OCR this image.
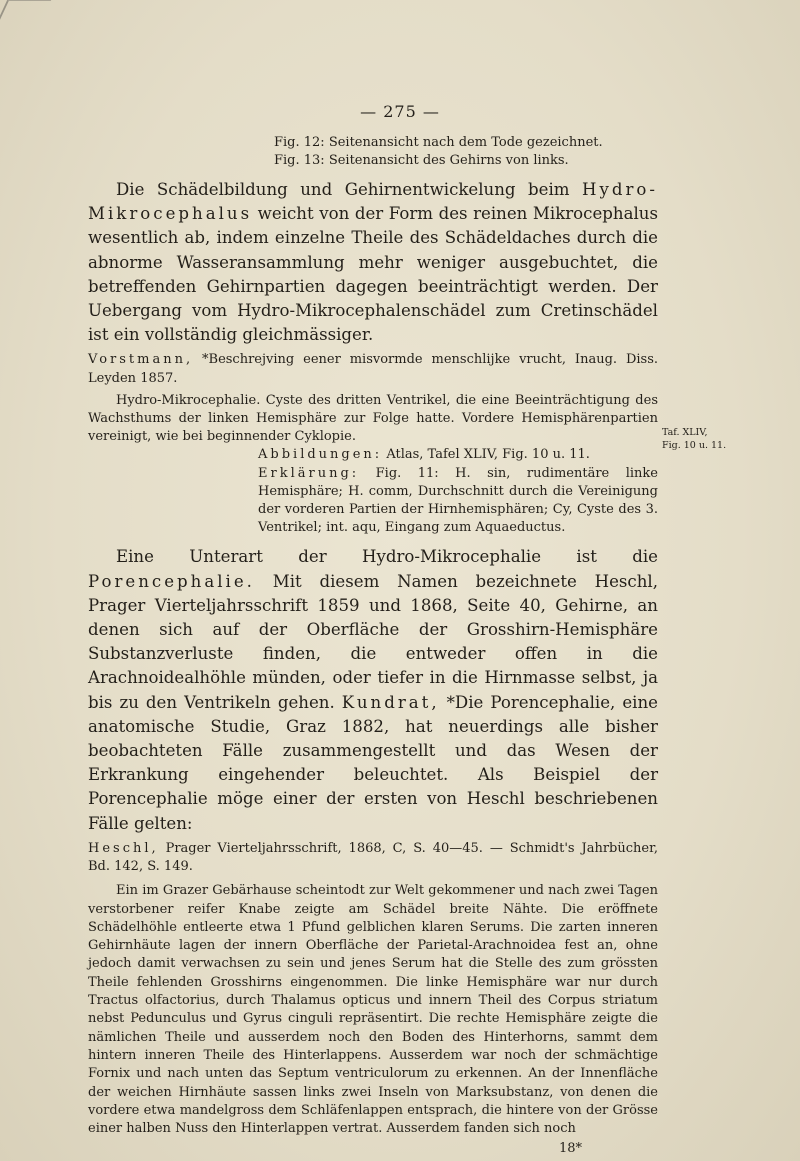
— 275 —

Fig. 12: Seitenansicht nach dem Tode gezeichnet.

Fig. 13: Seitenansicht des Gehirns von links.

Die Schädelbildung und Gehirnentwickelung beim Hydro-Mikrocephalus weicht von der Form des reinen Mikrocephalus wesentlich ab, indem einzelne Theile des Schädeldaches durch die abnorme Wasseransammlung mehr weniger ausgebuchtet, die betreffenden Gehirnpartien dagegen beeinträchtigt werden. Der Uebergang vom Hydro-Mikrocephalenschädel zum Cretinschädel ist ein vollständig gleichmässiger.

Vorstmann, *Beschrejving eener misvormde menschlijke vrucht, Inaug. Diss. Leyden 1857.

Hydro-Mikrocephalie. Cyste des dritten Ventrikel, die eine Beeinträchtigung des Wachsthums der linken Hemisphäre zur Folge hatte. Vordere Hemisphärenpartien vereinigt, wie bei beginnender Cyklopie.

Abbildungen: Atlas, Tafel XLIV, Fig. 10 u. 11.

Erklärung: Fig. 11: H. sin, rudimentäre linke Hemisphäre; H. comm, Durchschnitt durch die Vereinigung der vorderen Partien der Hirnhemisphären; Cy, Cyste des 3. Ventrikel; int. aqu, Eingang zum Aquaeductus.

Eine Unterart der Hydro-Mikrocephalie ist die Porencephalie. Mit diesem Namen bezeichnete Heschl, Prager Vierteljahrsschrift 1859 und 1868, Seite 40, Gehirne, an denen sich auf der Oberfläche der Grosshirn-Hemisphäre Substanzverluste finden, die entweder offen in die Arachnoidealhöhle münden, oder tiefer in die Hirnmasse selbst, ja bis zu den Ventrikeln gehen. Kundrat, *Die Porencephalie, eine anatomische Studie, Graz 1882, hat neuerdings alle bisher beobachteten Fälle zusammengestellt und das Wesen der Erkrankung eingehender beleuchtet. Als Beispiel der Porencephalie möge einer der ersten von Heschl beschriebenen Fälle gelten:

Heschl, Prager Vierteljahrsschrift, 1868, C, S. 40—45. — Schmidt's Jahrbücher, Bd. 142, S. 149.

Ein im Grazer Gebärhause scheintodt zur Welt gekommener und nach zwei Tagen verstorbener reifer Knabe zeigte am Schädel breite Nähte. Die eröffnete Schädelhöhle entleerte etwa 1 Pfund gelblichen klaren Serums. Die zarten inneren Gehirnhäute lagen der innern Oberfläche der Parietal-Arachnoidea fest an, ohne jedoch damit verwachsen zu sein und jenes Serum hat die Stelle des zum grössten Theile fehlenden Grosshirns eingenommen. Die linke Hemisphäre war nur durch Tractus olfactorius, durch Thalamus opticus und innern Theil des Corpus striatum nebst Pedunculus und Gyrus cinguli repräsentirt. Die rechte Hemisphäre zeigte die nämlichen Theile und ausserdem noch den Boden des Hinterhorns, sammt dem hintern inneren Theile des Hinterlappens. Ausserdem war noch der schmächtige Fornix und nach unten das Septum ventriculorum zu erkennen. An der Innenfläche der weichen Hirnhäute sassen links zwei Inseln von Marksubstanz, von denen die vordere etwa mandelgross dem Schläfenlappen entsprach, die hintere von der Grösse einer halben Nuss den Hinterlappen vertrat. Ausserdem fanden sich noch

18*

Taf. XLIV,
Fig. 10 u. 11.
